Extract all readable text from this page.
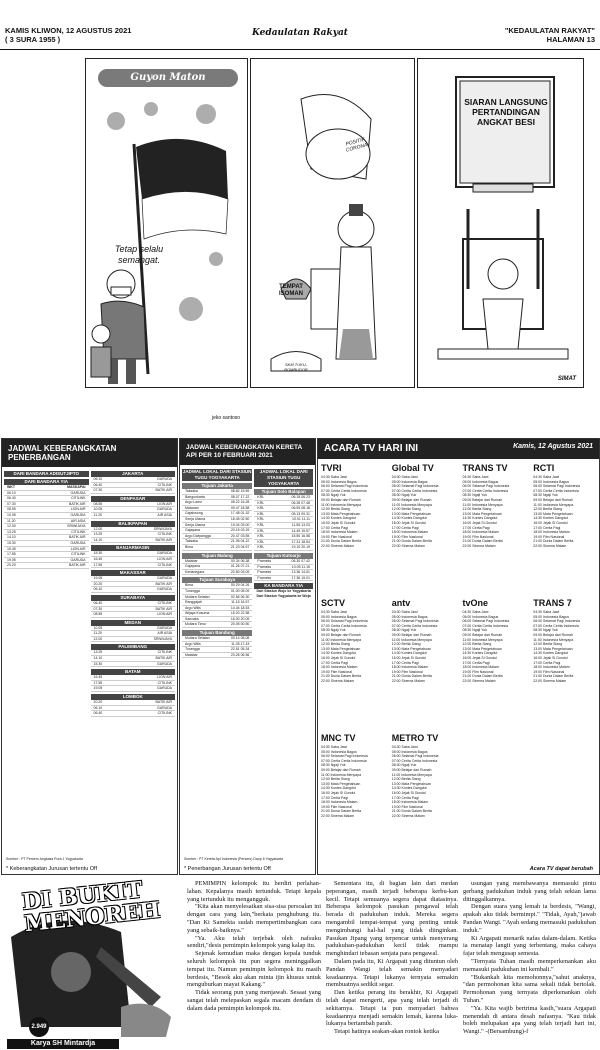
KAMIS KLIWON, 12 AGUSTUS 2021
( 3 SURA 1955 )
Kedaulatan Rakyat	"KEDAULATAN RAKYAT"
HALAMAN 13
Guyon Maton
Tetap selalu semangat.
POSITIF CORONA
TEMPAT ISOMAN
SKM TUKU-BOMBUDOR
SIARAN LANGSUNG PERTANDINGAN ANGKAT BESI
SIMAT
jeko santoso
JADWAL KEBERANGKATAN PENERBANGAN
DARI BANDARA ADISUTJIPTO
DARI BANDARA YIA
WKT	MASKAPAI
06.10	GARUDA
06.40	CITILINK
07.30	BATIK AIR
08.55	LION AIR
10.05	GARUDA
11.20	AIR ASIA
12.00	SRIWIJAYA
13.25	CITILINK
14.10	BATIK AIR
15.30	GARUDA
16.45	LION AIR
17.55	CITILINK
19.05	GARUDA
20.20	BATIK AIR
JAKARTA
06.10	GARUDA
06.40	CITILINK
07.30	BATIK AIR
DENPASAR
08.55	LION AIR
10.05	GARUDA
11.20	AIR ASIA
BALIKPAPAN
12.00	SRIWIJAYA
13.25	CITILINK
14.10	BATIK AIR
BANJARMASIN
15.30	GARUDA
16.45	LION AIR
17.55	CITILINK
MAKASSAR
19.05	GARUDA
20.20	BATIK AIR
06.10	GARUDA
SURABAYA
06.40	CITILINK
07.30	BATIK AIR
08.55	LION AIR
MEDAN
10.05	GARUDA
11.20	AIR ASIA
12.00	SRIWIJAYA
PALEMBANG
13.25	CITILINK
14.10	BATIK AIR
15.30	GARUDA
BATAM
16.45	LION AIR
17.55	CITILINK
19.05	GARUDA
LOMBOK
20.20	BATIK AIR
06.10	GARUDA
06.40	CITILINK
Sumber : PT Persero Angkasa Pura 1 Yogyakarta
* Keberangkatan Jurusan tertentu Off
JADWAL KEBERANGKATAN KERETA API PER 10 FEBRUARI 2021
JADWAL LOKAL DARI STASIUN TUGU YOGYAKARTA
Tujuan Jakarta
Taksaka	08.82 15.59
Bangunkarta	08.07 17.22
Argo Lawu	08.22 16.28
Mataram	09.47 18.58
Gajahwong	17.48 01.32
Senja Utama	18.45 02.50
Senja Utama	19.04 03.00
Gajayana	20.15 03.29
Argo Dwipangga	20.47 03.55
Taksaka	21.05 04.22
Bima	21.23 04.57
Tujuan Malang
Malabar	00.34 06.38
Gajayana	01.26 07.21
Kertanegara	20.50 03.09
Tujuan Surabaya
Bima	00.29 04.26
Turangga	01.00 05.09
Mutiara Selatan	02.56 06.30
Ranggajati	11.15 16.57
Argo Wilis	14.44 18.53
Wijaya Kusuma	15.20 22.58
Sancaka	16.00 20.09
Mutiara Timur	20.05 00.50
Tujuan Bandung
Mutiara Selatan	00.14 08.08
Argo Wilis	11.05 17.43
Turangga	22.51 05.34
Malabar	23.26 06.56
JADWAL LOKAL DARI STASIUN TUGU YOGYAKARTA
Tujuan Solo Balapan
KRL	06.15 06.23
KRL	06.28 07.48
KRL	06.59 08.18
KRL	08.13 09.31
KRL	10.01 11.11
KRL	11.55 13.03
KRL	14.49 15.57
KRL	15.50 16.58
KRL	17.31 18.54
KRL	19.10 20.19
Tujuan Kutoarjo
Prameks	06.30 07.42
Prameks	10.05 11.15
Prameks	13.36 14.51
Prameks	17.36 19.01
KA BANDARA YIA
Dari Stasiun Wojo ke Yogyakarta
Dari Stasiun Yogyakarta ke Wojo
Sumber : PT Kereta Api Indonesia (Persero) Daop 6 Yogyakarta
* Penerbangan Jurusan tertentu Off
ACARA TV HARI INI	Kamis, 12 Agustus 2021
TVRI
04:30 Saba Jawi
05:00 Indonesia Bagus
06:00 Selamat Pagi Indonesia
07:00 Cerita Cerita Indonesia
08:30 Ngaji Yuk
09:00 Belajar dari Rumah
11:00 Indonesia Menyapa
12:00 Berita Siang
13:00 Mata Pengetahuan
14:30 Kontes Dangdut
16:00 Jejak Si Gundul
17:00 Cerita Pagi
18:00 Indonesia Malam
19:00 Film Nasional
21:00 Dunia Dalam Berita
22:00 Sinema Malam
Global TV
04:30 Saba Jawi
05:00 Indonesia Bagus
06:00 Selamat Pagi Indonesia
07:00 Cerita Cerita Indonesia
08:30 Ngaji Yuk
09:00 Belajar dari Rumah
11:00 Indonesia Menyapa
12:00 Berita Siang
13:00 Mata Pengetahuan
14:30 Kontes Dangdut
16:00 Jejak Si Gundul
17:00 Cerita Pagi
18:00 Indonesia Malam
19:00 Film Nasional
21:00 Dunia Dalam Berita
22:00 Sinema Malam
TRANS TV
04:30 Saba Jawi
05:00 Indonesia Bagus
06:00 Selamat Pagi Indonesia
07:00 Cerita Cerita Indonesia
08:30 Ngaji Yuk
09:00 Belajar dari Rumah
11:00 Indonesia Menyapa
12:00 Berita Siang
13:00 Mata Pengetahuan
14:30 Kontes Dangdut
16:00 Jejak Si Gundul
17:00 Cerita Pagi
18:00 Indonesia Malam
19:00 Film Nasional
21:00 Dunia Dalam Berita
22:00 Sinema Malam
RCTI
04:30 Saba Jawi
05:00 Indonesia Bagus
06:00 Selamat Pagi Indonesia
07:00 Cerita Cerita Indonesia
08:30 Ngaji Yuk
09:00 Belajar dari Rumah
11:00 Indonesia Menyapa
12:00 Berita Siang
13:00 Mata Pengetahuan
14:30 Kontes Dangdut
16:00 Jejak Si Gundul
17:00 Cerita Pagi
18:00 Indonesia Malam
19:00 Film Nasional
21:00 Dunia Dalam Berita
22:00 Sinema Malam
SCTV
04:30 Saba Jawi
05:00 Indonesia Bagus
06:00 Selamat Pagi Indonesia
07:00 Cerita Cerita Indonesia
08:30 Ngaji Yuk
09:00 Belajar dari Rumah
11:00 Indonesia Menyapa
12:00 Berita Siang
13:00 Mata Pengetahuan
14:30 Kontes Dangdut
16:00 Jejak Si Gundul
17:00 Cerita Pagi
18:00 Indonesia Malam
19:00 Film Nasional
21:00 Dunia Dalam Berita
22:00 Sinema Malam
antv
04:30 Saba Jawi
05:00 Indonesia Bagus
06:00 Selamat Pagi Indonesia
07:00 Cerita Cerita Indonesia
08:30 Ngaji Yuk
09:00 Belajar dari Rumah
11:00 Indonesia Menyapa
12:00 Berita Siang
13:00 Mata Pengetahuan
14:30 Kontes Dangdut
16:00 Jejak Si Gundul
17:00 Cerita Pagi
18:00 Indonesia Malam
19:00 Film Nasional
21:00 Dunia Dalam Berita
22:00 Sinema Malam
tvOne
04:30 Saba Jawi
05:00 Indonesia Bagus
06:00 Selamat Pagi Indonesia
07:00 Cerita Cerita Indonesia
08:30 Ngaji Yuk
09:00 Belajar dari Rumah
11:00 Indonesia Menyapa
12:00 Berita Siang
13:00 Mata Pengetahuan
14:30 Kontes Dangdut
16:00 Jejak Si Gundul
17:00 Cerita Pagi
18:00 Indonesia Malam
19:00 Film Nasional
21:00 Dunia Dalam Berita
22:00 Sinema Malam
TRANS 7
04:30 Saba Jawi
05:00 Indonesia Bagus
06:00 Selamat Pagi Indonesia
07:00 Cerita Cerita Indonesia
08:30 Ngaji Yuk
09:00 Belajar dari Rumah
11:00 Indonesia Menyapa
12:00 Berita Siang
13:00 Mata Pengetahuan
14:30 Kontes Dangdut
16:00 Jejak Si Gundul
17:00 Cerita Pagi
18:00 Indonesia Malam
19:00 Film Nasional
21:00 Dunia Dalam Berita
22:00 Sinema Malam
MNC TV
04:30 Saba Jawi
05:00 Indonesia Bagus
06:00 Selamat Pagi Indonesia
07:00 Cerita Cerita Indonesia
08:30 Ngaji Yuk
09:00 Belajar dari Rumah
11:00 Indonesia Menyapa
12:00 Berita Siang
13:00 Mata Pengetahuan
14:30 Kontes Dangdut
16:00 Jejak Si Gundul
17:00 Cerita Pagi
18:00 Indonesia Malam
19:00 Film Nasional
21:00 Dunia Dalam Berita
22:00 Sinema Malam
METRO TV
04:30 Saba Jawi
05:00 Indonesia Bagus
06:00 Selamat Pagi Indonesia
07:00 Cerita Cerita Indonesia
08:30 Ngaji Yuk
09:00 Belajar dari Rumah
11:00 Indonesia Menyapa
12:00 Berita Siang
13:00 Mata Pengetahuan
14:30 Kontes Dangdut
16:00 Jejak Si Gundul
17:00 Cerita Pagi
18:00 Indonesia Malam
19:00 Film Nasional
21:00 Dunia Dalam Berita
22:00 Sinema Malam
Acara TV dapat berubah
DI BUKIT MENOREH
2.949
Karya SH Mintardja

PEMIMPIN kelompok itu berdiri perlahan-lahan. Kepalanya masih tertunduk. Tetapi kepala yang tertunduk itu mengangguk.

"Kita akan menyelesaikan sisa-sisa persoalan ini dengan cara yang lain,"berkata penghubung itu. "Dan Ki Samekta sudah mempertimbangkan cara yang sebaik-baiknya."

"Ya. Aku telah terjebak oleh nafsuku sendiri,"desis pemimpin kelompok yang kalap itu.

Sejenak kemudian maka dengan kepala tunduk seluruh kelompok itu pun segera meninggalkan tempat itu. Namun pemimpin kelompok itu masih berdesis, "Besok aku akan minta ijin khusus untuk menguburkan mayat Kakang."

Tidak seorang pun yang menjawab. Sesaat yang sangat telah melepaskan segala macam dendam di dalam dada pemimpin kelompok itu.

Sementara itu, di bagian lain dari medan peperangan, masih terjadi beberapa kerbu-kan kecil. Tetapi semuanya segera dapat diatasinya. Beberapa kelompok pasukan pengawal telah berada di padukuhan induk. Mereka segera mengambil tempat-tempat yang penting untuk mengimbangi hal-hal yang tidak diinginkan. Pasukan Jipang yang terpencar untuk menyerang padukuhan-padukuhan kecil tidak mampu menghindari tebasan senjata para pengawal.

Dalam pada itu, Ki Argapati yang dituntun oleh Pandan Wangi telah semakin menyadari keadaannya. Tetapi lukanya ternyata semakin membuatnya sedikit segar.

Dan ketika perang itu berakhir, Ki Argapati telah dapat mengerti, apa yang telah terjadi di sekitarnya. Tetapi ia pun menyadari bahwa keadaannya menjadi semakin lemah, karena luka-lukanya bertambah parah.

Tetapi hatinya seakan-akan rontok ketika

usungan yang membawanya memasuki pintu gerbang padukuhan induk yang telah sekian lama ditinggalkannya.

Dengan suara yang lemah ia berdesis, "Wangi, apakah aku tidak bermimpi." "Tidak, Ayah,"jawab Pandan Wangi. "Ayah sedang memasuki padukuhan induk."

Ki Argapati menarik nafas dalam-dalam. Ketika ia menatap langit yang terbentang, maka cahaya fajar telah mengusap semesta.

"Ternyata Tuhan masih memperkenankan aku memasuki padukuhan ini kembali."

"Bukankah kita memohonnya,"sahut anaknya, "dan permohonan kita sama sekali tidak bertolak. Permohonan yang ternyata diperkenankan oleh Tuhan."

"Ya. Kita wajib bertrima kasih,"suara Argapati menendah di antara desah nafasnya. "Kau tidak boleh melupakan apa yang telah terjadi hari ini, Wangi." -(Bersambung)-f
